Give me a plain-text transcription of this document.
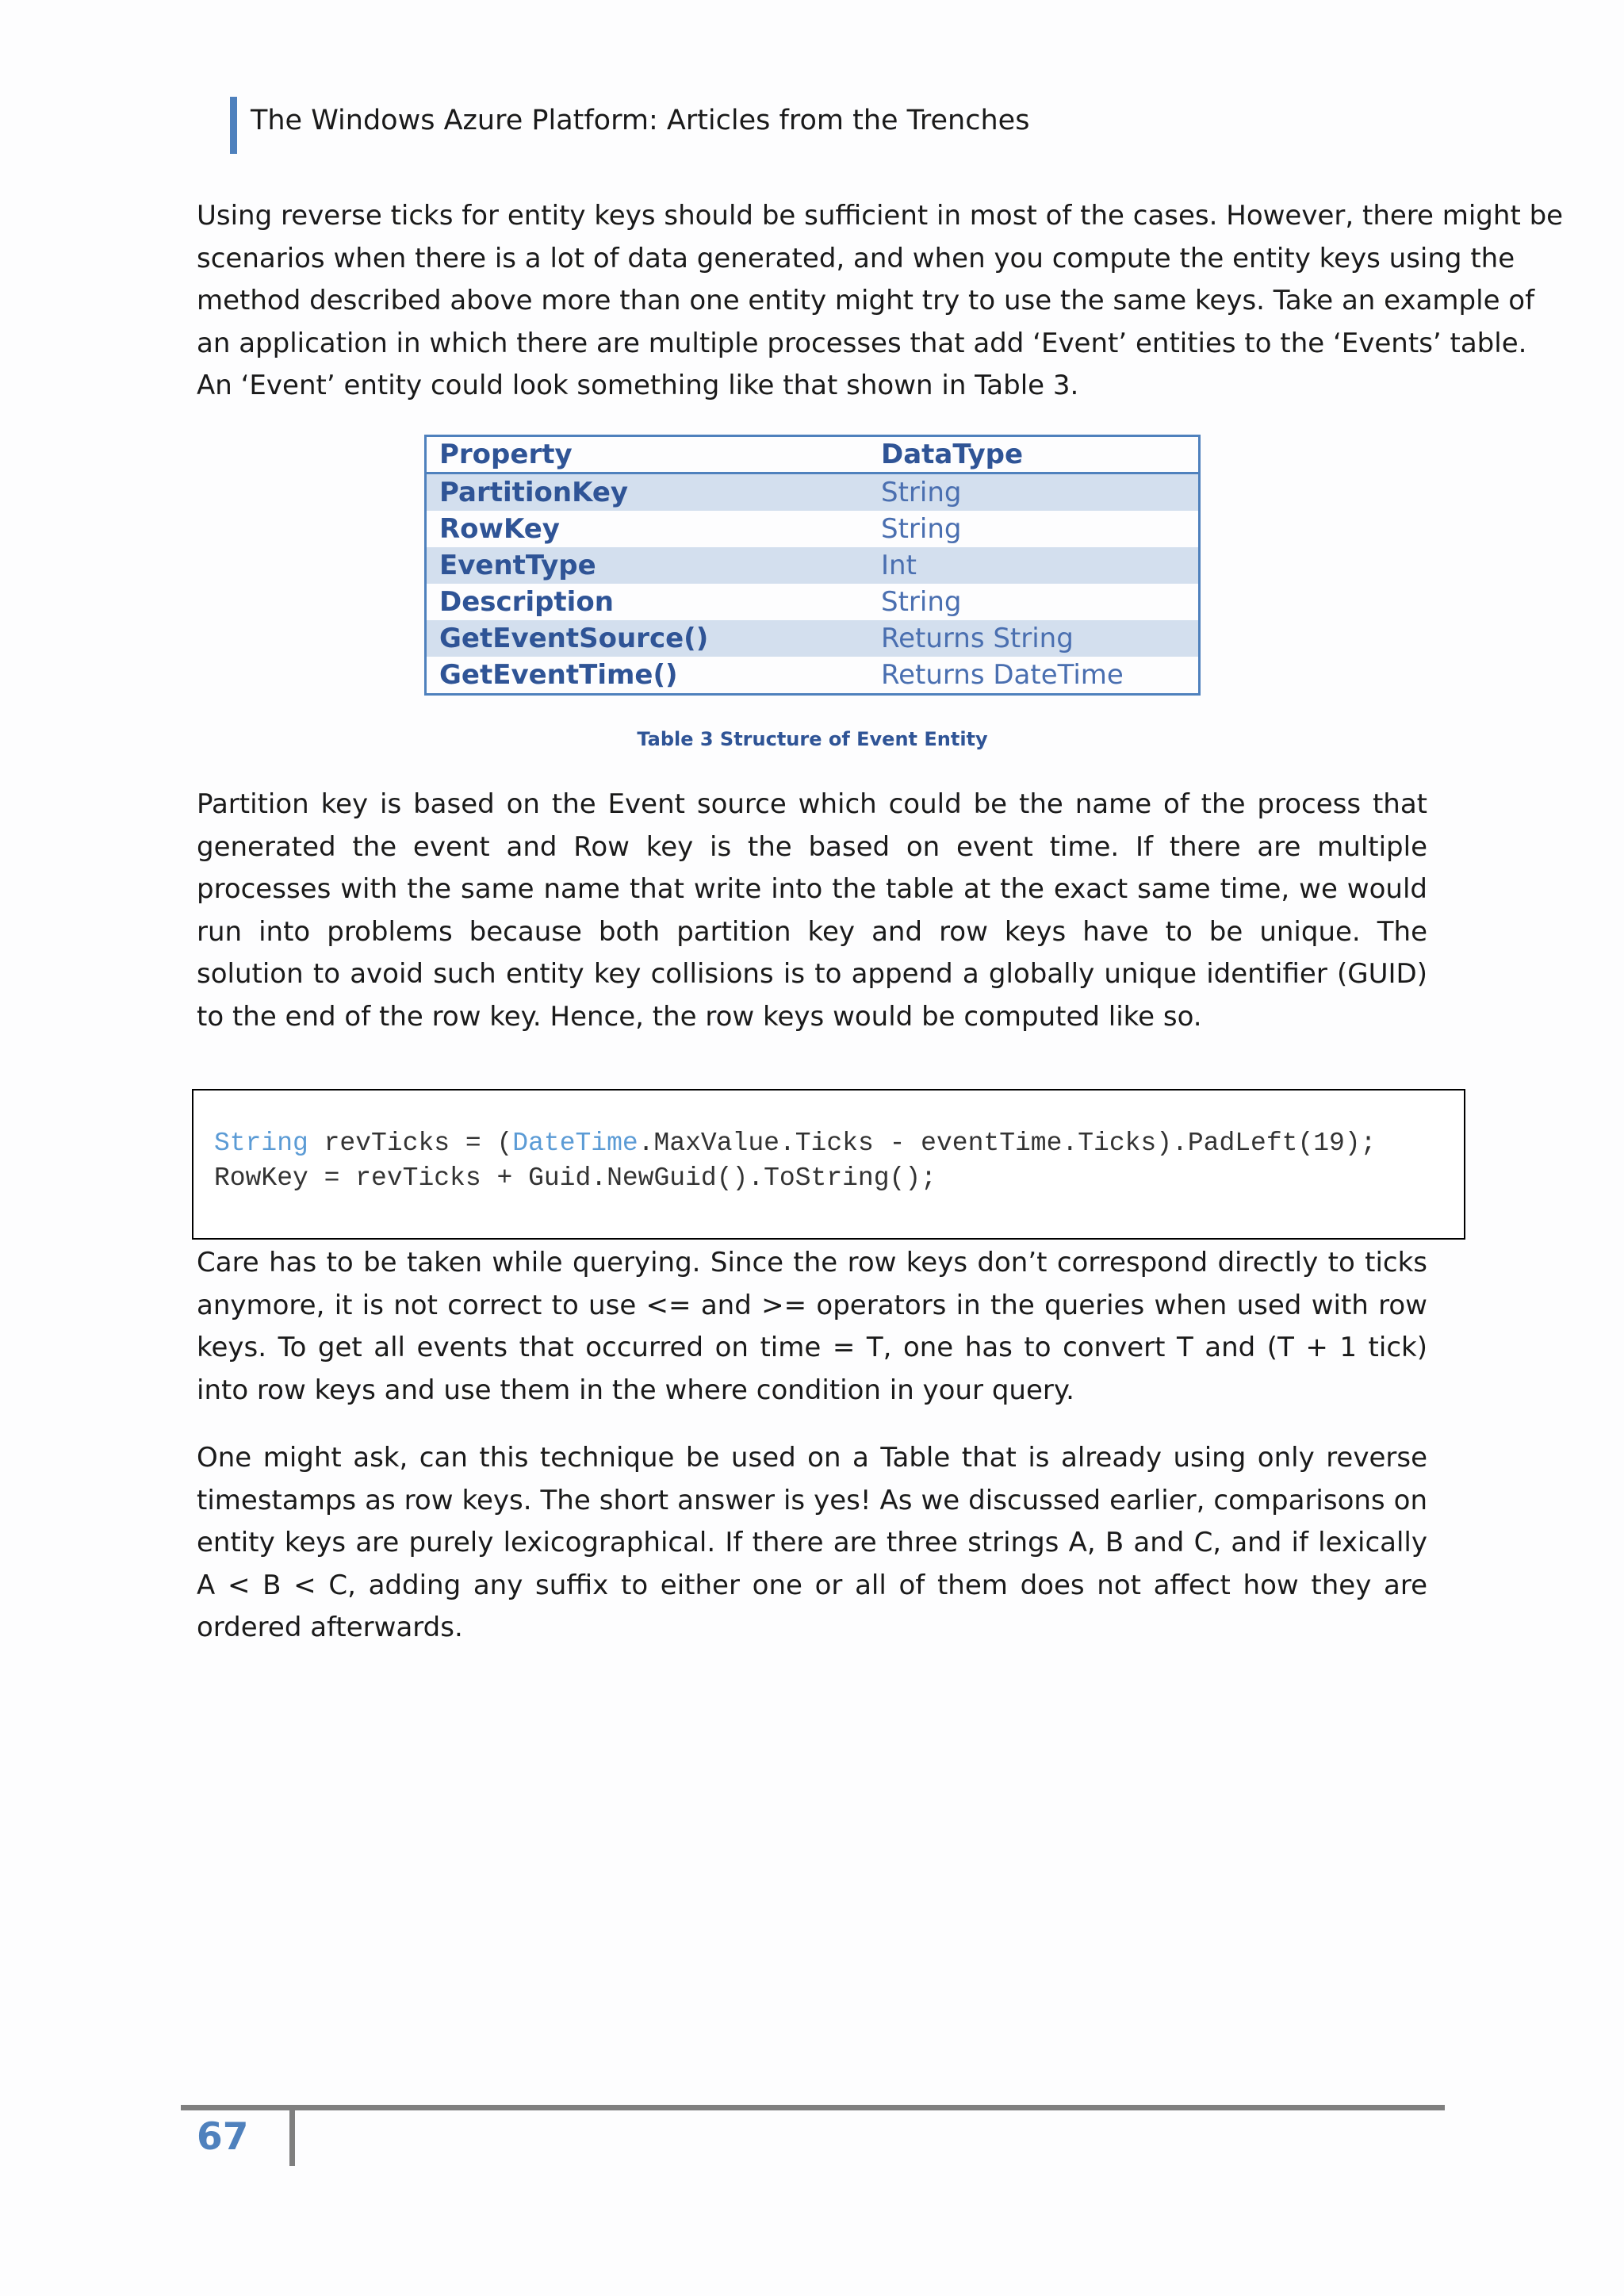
The Windows Azure Platform: Articles from the Trenches
Using reverse ticks for entity keys should be sufficient in most of the cases. However, there might be
scenarios when there is a lot of data generated, and when you compute the entity keys using the
method described above more than one entity might try to use the same keys. Take an example of
an application in which there are multiple processes that add ‘Event’ entities to the ‘Events’ table.
An ‘Event’ entity could look something like that shown in Table 3.
Property	DataType
PartitionKey	String
RowKey	String
EventType	Int
Description	String
GetEventSource()	Returns String
GetEventTime()	Returns DateTime
Table 3 Structure of Event Entity

Partition key is based on the Event source which could be the name of the process that generated the event and Row key is the based on event time. If there are multiple processes with the same name that write into the table at the exact same time, we would run into problems because both partition key and row keys have to be unique. The solution to avoid such entity key collisions is to append a globally unique identifier (GUID) to the end of the row key. Hence, the row keys would be computed like so.

String revTicks = (DateTime.MaxValue.Ticks - eventTime.Ticks).PadLeft(19);
RowKey = revTicks + Guid.NewGuid().ToString();

Care has to be taken while querying. Since the row keys don’t correspond directly to ticks anymore, it is not correct to use <= and >= operators in the queries when used with row keys. To get all events that occurred on time = T, one has to convert T and (T + 1 tick) into row keys and use them in the where condition in your query.

One might ask, can this technique be used on a Table that is already using only reverse timestamps as row keys. The short answer is yes! As we discussed earlier, comparisons on entity keys are purely lexicographical. If there are three strings A, B and C, and if lexically A < B < C, adding any suffix to either one or all of them does not affect how they are ordered afterwards.

67
